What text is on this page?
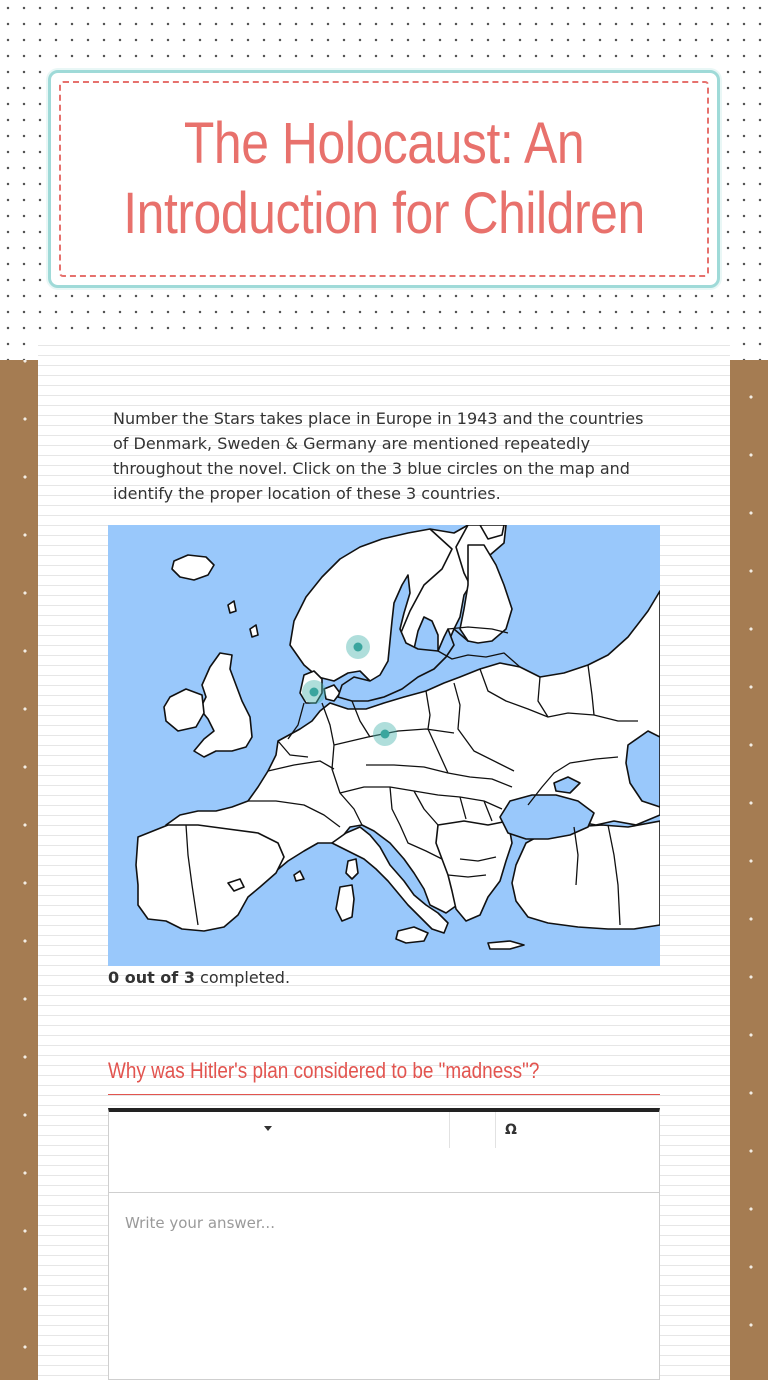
The Holocaust: An Introduction for Children
Number the Stars takes place in Europe in 1943 and the countries of Denmark, Sweden & Germany are mentioned repeatedly throughout the novel. Click on the 3 blue circles on the map and identify the proper location of these 3 countries.
0 out of 3 completed.
Why was Hitler's plan considered to be "madness"?
Ω
Write your answer...
